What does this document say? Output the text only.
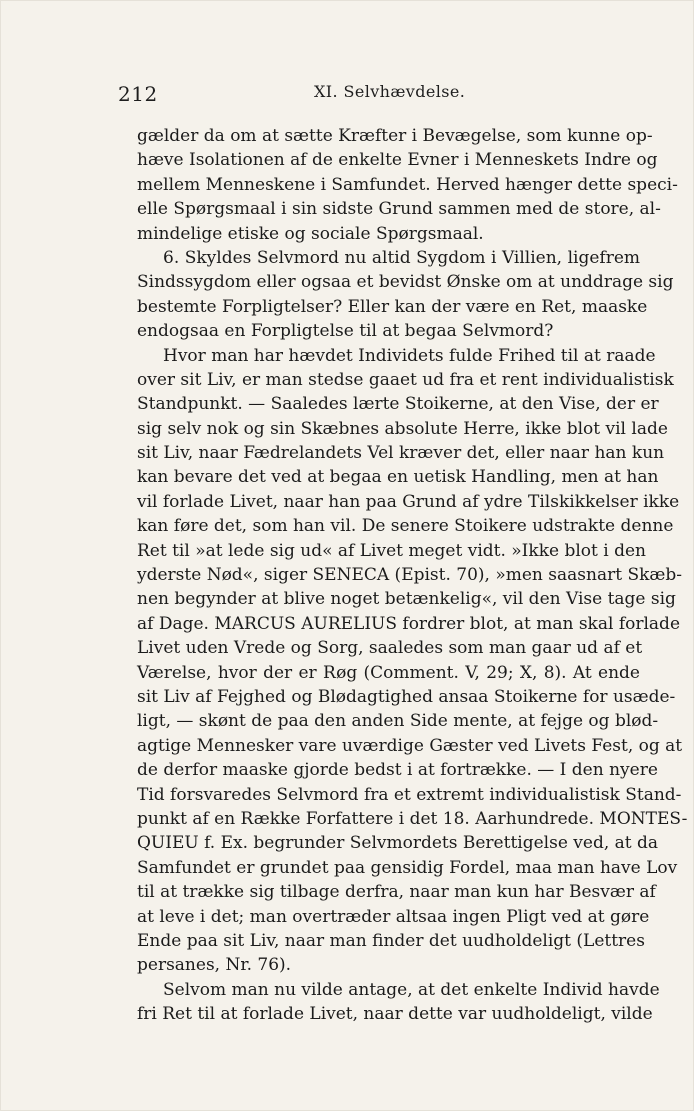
212	XI. Selvhævdelse.
gælder da om at sætte Kræfter i Bevægelse, som kunne op-
hæve Isolationen af de enkelte Evner i Menneskets Indre og
mellem Menneskene i Samfundet. Herved hænger dette speci-
elle Spørgsmaal i sin sidste Grund sammen med de store, al-
mindelige etiske og sociale Spørgsmaal.
6. Skyldes Selvmord nu altid Sygdom i Villien, ligefrem
Sindssygdom eller ogsaa et bevidst Ønske om at unddrage sig
bestemte Forpligtelser? Eller kan der være en Ret, maaske
endogsaa en Forpligtelse til at begaa Selvmord?
Hvor man har hævdet Individets fulde Frihed til at raade
over sit Liv, er man stedse gaaet ud fra et rent individualistisk
Standpunkt. — Saaledes lærte Stoikerne, at den Vise, der er
sig selv nok og sin Skæbnes absolute Herre, ikke blot vil lade
sit Liv, naar Fædrelandets Vel kræver det, eller naar han kun
kan bevare det ved at begaa en uetisk Handling, men at han
vil forlade Livet, naar han paa Grund af ydre Tilskikkelser ikke
kan føre det, som han vil. De senere Stoikere udstrakte denne
Ret til »at lede sig ud« af Livet meget vidt. »Ikke blot i den
yderste Nød«, siger SENECA (Epist. 70), »men saasnart Skæb-
nen begynder at blive noget betænkelig«, vil den Vise tage sig
af Dage. MARCUS AURELIUS fordrer blot, at man skal forlade
Livet uden Vrede og Sorg, saaledes som man gaar ud af et
Værelse, hvor der er Røg (Comment. V, 29; X, 8). At ende
sit Liv af Fejghed og Blødagtighed ansaa Stoikerne for usæde-
ligt, — skønt de paa den anden Side mente, at fejge og blød-
agtige Mennesker vare uværdige Gæster ved Livets Fest, og at
de derfor maaske gjorde bedst i at fortrække. — I den nyere
Tid forsvaredes Selvmord fra et extremt individualistisk Stand-
punkt af en Række Forfattere i det 18. Aarhundrede. MONTES-
QUIEU f. Ex. begrunder Selvmordets Berettigelse ved, at da
Samfundet er grundet paa gensidig Fordel, maa man have Lov
til at trække sig tilbage derfra, naar man kun har Besvær af
at leve i det; man overtræder altsaa ingen Pligt ved at gøre
Ende paa sit Liv, naar man finder det uudholdeligt (Lettres
persanes, Nr. 76).
Selvom man nu vilde antage, at det enkelte Individ havde
fri Ret til at forlade Livet, naar dette var uudholdeligt, vilde
